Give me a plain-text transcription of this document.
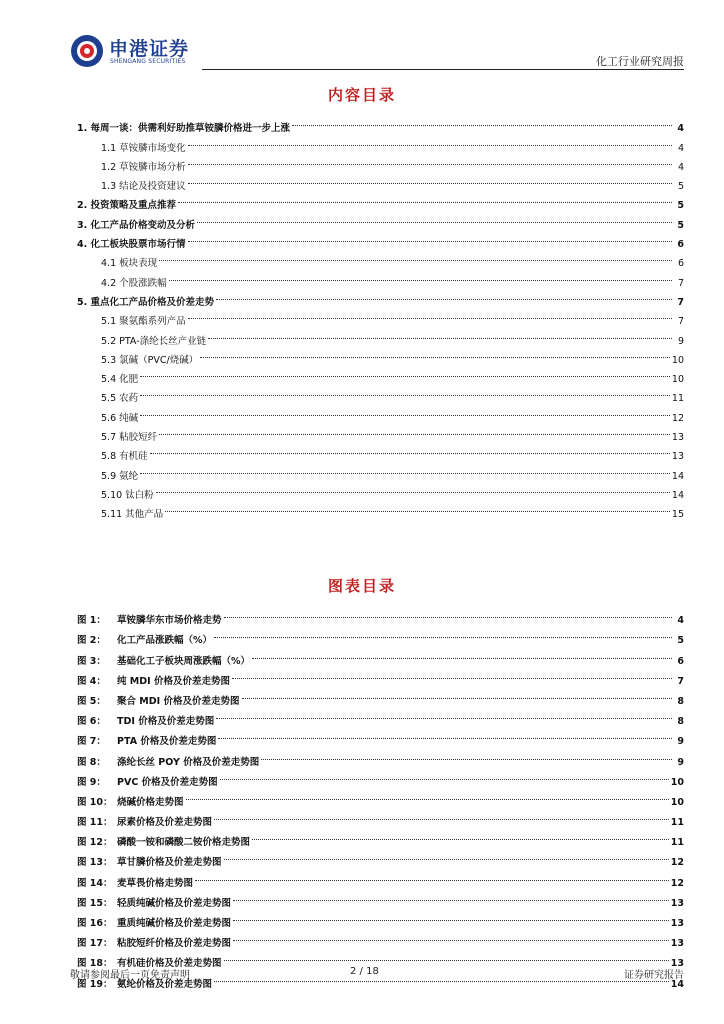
申港证券
SHENGANG SECURITIES	化工行业研究周报
内容目录
1. 每周一谈：供需利好助推草铵膦价格进一步上涨	4
1.1 草铵膦市场变化	4
1.2 草铵膦市场分析	4
1.3 结论及投资建议	5
2. 投资策略及重点推荐	5
3. 化工产品价格变动及分析	5
4. 化工板块股票市场行情	6
4.1 板块表现	6
4.2 个股涨跌幅	7
5. 重点化工产品价格及价差走势	7
5.1 聚氨酯系列产品	7
5.2 PTA-涤纶长丝产业链	9
5.3 氯碱（PVC/烧碱）	10
5.4 化肥	10
5.5 农药	11
5.6 纯碱	12
5.7 粘胶短纤	13
5.8 有机硅	13
5.9 氨纶	14
5.10 钛白粉	14
5.11 其他产品	15
图表目录
图 1：	草铵膦华东市场价格走势	4
图 2：	化工产品涨跌幅（%）	5
图 3：	基础化工子板块周涨跌幅（%）	6
图 4：	纯 MDI 价格及价差走势图	7
图 5：	聚合 MDI 价格及价差走势图	8
图 6：	TDI 价格及价差走势图	8
图 7：	PTA 价格及价差走势图	9
图 8：	涤纶长丝 POY 价格及价差走势图	9
图 9：	PVC 价格及价差走势图	10
图 10： 烧碱价格走势图	10
图 11： 尿素价格及价差走势图	11
图 12： 磷酸一铵和磷酸二铵价格走势图	11
图 13： 草甘膦价格及价差走势图	12
图 14： 麦草畏价格走势图	12
图 15： 轻质纯碱价格及价差走势图	13
图 16： 重质纯碱价格及价差走势图	13
图 17： 粘胶短纤价格及价差走势图	13
图 18： 有机硅价格及价差走势图	13
图 19： 氨纶价格及价差走势图	14
敬请参阅最后一页免责声明	2 / 18	证券研究报告
